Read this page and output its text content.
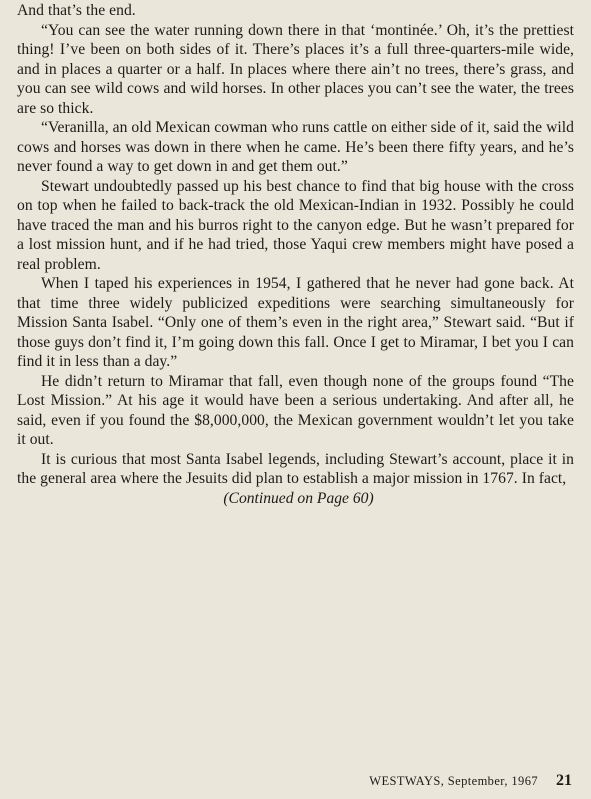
And that’s the end.

“You can see the water running down there in that ‘montinée.’ Oh, it’s the prettiest thing! I’ve been on both sides of it. There’s places it’s a full three-quarters-mile wide, and in places a quarter or a half. In places where there ain’t no trees, there’s grass, and you can see wild cows and wild horses. In other places you can’t see the water, the trees are so thick.

“Veranilla, an old Mexican cowman who runs cattle on either side of it, said the wild cows and horses was down in there when he came. He’s been there fifty years, and he’s never found a way to get down in and get them out.”

Stewart undoubtedly passed up his best chance to find that big house with the cross on top when he failed to back-track the old Mexican-Indian in 1932. Possibly he could have traced the man and his burros right to the canyon edge. But he wasn’t prepared for a lost mission hunt, and if he had tried, those Yaqui crew members might have posed a real problem.

When I taped his experiences in 1954, I gathered that he never had gone back. At that time three widely publicized expeditions were searching simultaneously for Mission Santa Isabel. “Only one of them’s even in the right area,” Stewart said. “But if those guys don’t find it, I’m going down this fall. Once I get to Miramar, I bet you I can find it in less than a day.”

He didn’t return to Miramar that fall, even though none of the groups found “The Lost Mission.” At his age it would have been a serious undertaking. And after all, he said, even if you found the $8,000,000, the Mexican government wouldn’t let you take it out.

It is curious that most Santa Isabel legends, including Stewart’s account, place it in the general area where the Jesuits did plan to establish a major mission in 1767. In fact,

(Continued on Page 60)

WESTWAYS, September, 1967 21
